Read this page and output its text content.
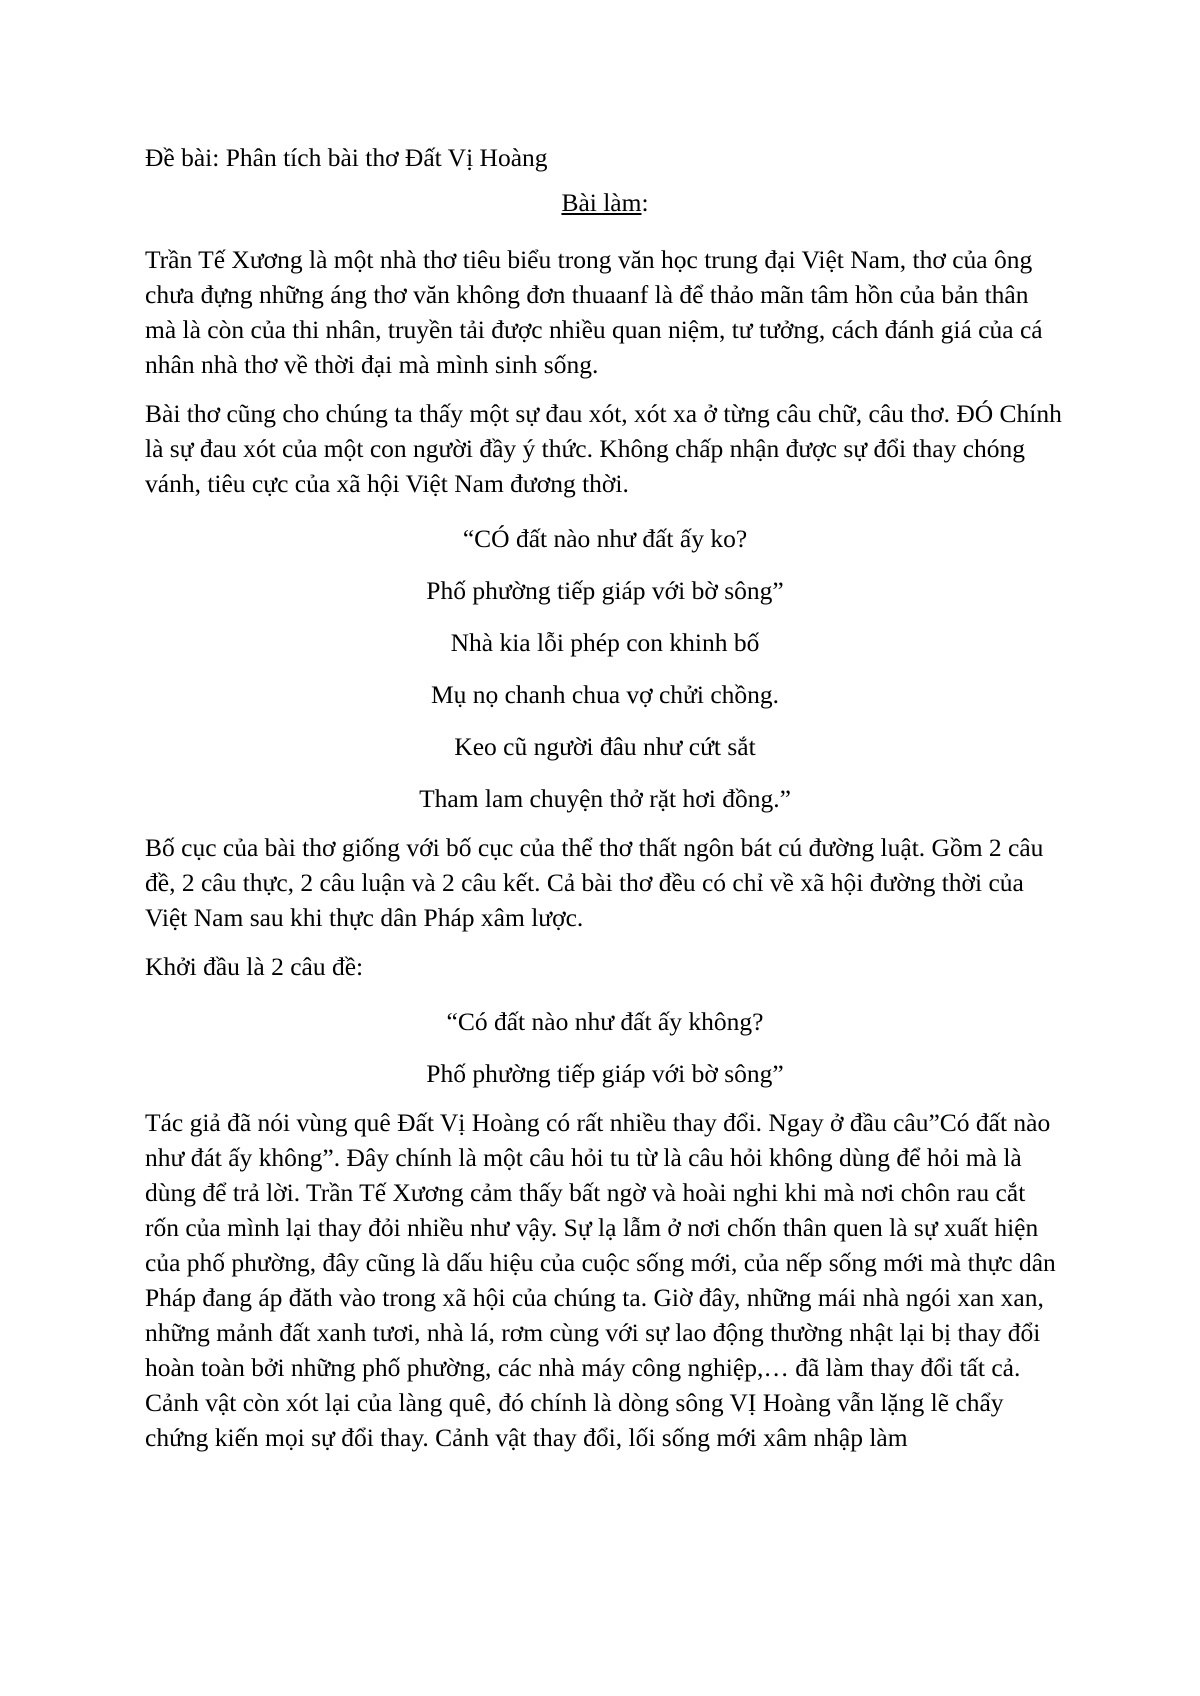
Đề bài: Phân tích bài thơ Đất Vị Hoàng

Bài làm:

Trần Tế Xương là một nhà thơ tiêu biểu trong văn học trung đại Việt Nam, thơ của ông chưa đựng những áng thơ văn không đơn thuaanf là để thảo mãn tâm hồn của bản thân mà là còn của thi nhân, truyền tải được nhiều quan niệm, tư tưởng, cách đánh giá của cá nhân nhà thơ về thời đại mà mình sinh sống.

Bài thơ cũng cho chúng ta thấy một sự đau xót, xót xa ở từng câu chữ, câu thơ. ĐÓ Chính là sự đau xót của một con người đầy ý thức. Không chấp nhận được sự đổi thay chóng vánh, tiêu cực của xã hội Việt Nam đương thời.

“CÓ đất nào như đất ấy ko?

Phố phường tiếp giáp với bờ sông”

Nhà kia lỗi phép con khinh bố

Mụ nọ chanh chua vợ chửi chồng.

Keo cũ người đâu như cứt sắt

Tham lam chuyện thở rặt hơi đồng.”

Bố cục của bài thơ giống với bố cục của thể thơ thất ngôn bát cú đường luật. Gồm 2 câu đề, 2 câu thực, 2 câu luận và 2 câu kết. Cả bài thơ đều có chỉ về xã hội đường thời của Việt Nam sau khi thực dân Pháp xâm lược.

Khởi đầu là 2 câu đề:

“Có đất nào như đất ấy không?

Phố phường tiếp giáp với bờ sông”

Tác giả đã nói vùng quê Đất Vị Hoàng có rất nhiều thay đổi. Ngay ở đầu câu”Có đất nào như đát ấy không”. Đây chính là một câu hỏi tu từ là câu hỏi không dùng để hỏi mà là dùng để trả lời. Trần Tế Xương cảm thấy bất ngờ và hoài nghi khi mà nơi chôn rau cắt rốn của mình lại thay đỏi nhiều như vậy. Sự lạ lẫm ở nơi chốn thân quen là sự xuất hiện của phố phường, đây cũng là dấu hiệu của cuộc sống mới, của nếp sống mới mà thực dân Pháp đang áp đăth vào trong xã hội của chúng ta. Giờ đây, những mái nhà ngói xan xan, những mảnh đất xanh tươi, nhà lá, rơm cùng với sự lao động thường nhật lại bị thay đổi hoàn toàn bởi những phố phường, các nhà máy công nghiệp,… đã làm thay đổi tất cả. Cảnh vật còn xót lại của làng quê, đó chính là dòng sông VỊ Hoàng vẫn lặng lẽ chẩy chứng kiến mọi sự đổi thay. Cảnh vật thay đổi, lối sống mới xâm nhập làm
